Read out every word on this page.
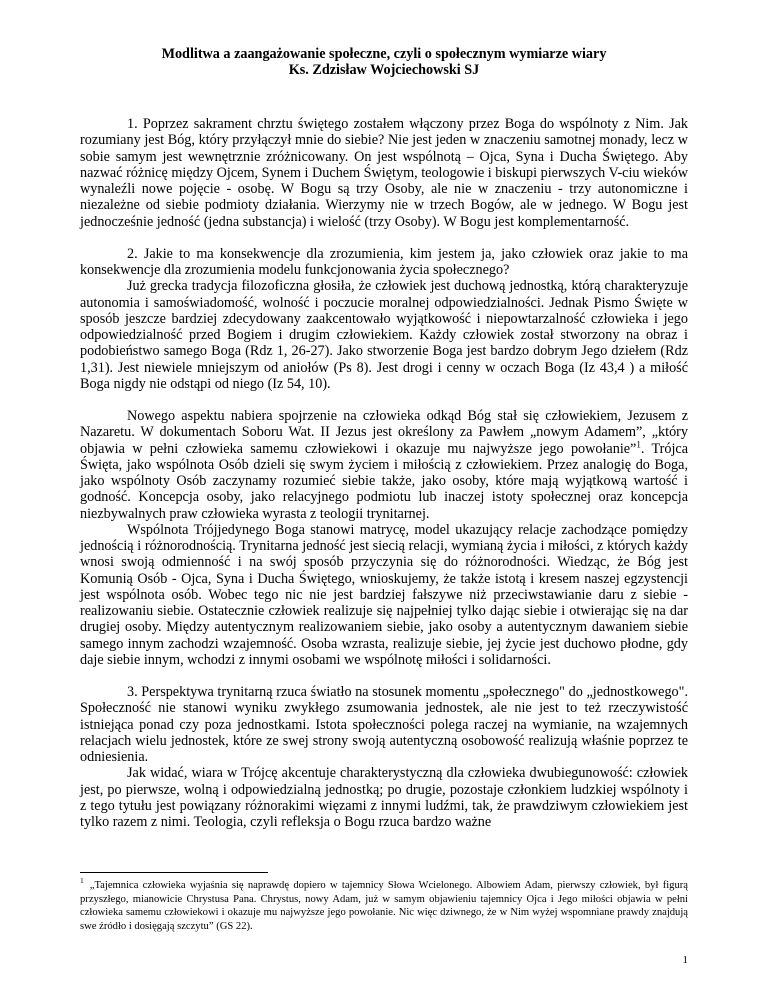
Modlitwa a zaangażowanie społeczne, czyli o społecznym wymiarze wiary
Ks. Zdzisław Wojciechowski SJ

1. Poprzez sakrament chrztu świętego zostałem włączony przez Boga do wspólnoty z Nim. Jak rozumiany jest Bóg, który przyłączył mnie do siebie? Nie jest jeden w znaczeniu samotnej monady, lecz w sobie samym jest wewnętrznie zróżnicowany. On jest wspólnotą – Ojca, Syna i Ducha Świętego. Aby nazwać różnicę między Ojcem, Synem i Duchem Świętym, teologowie i biskupi pierwszych V-ciu wieków wynaleźli nowe pojęcie - osobę. W Bogu są trzy Osoby, ale nie w znaczeniu - trzy autonomiczne i niezależne od siebie podmioty działania. Wierzymy nie w trzech Bogów, ale w jednego. W Bogu jest jednocześnie jedność (jedna substancja) i wielość (trzy Osoby). W Bogu jest komplementarność.

2. Jakie to ma konsekwencje dla zrozumienia, kim jestem ja, jako człowiek oraz jakie to ma konsekwencje dla zrozumienia modelu funkcjonowania życia społecznego?

Już grecka tradycja filozoficzna głosiła, że człowiek jest duchową jednostką, którą charakteryzuje autonomia i samoświadomość, wolność i poczucie moralnej odpowiedzialności. Jednak Pismo Święte w sposób jeszcze bardziej zdecydowany zaakcentowało wyjątkowość i niepowtarzalność człowieka i jego odpowiedzialność przed Bogiem i drugim człowiekiem. Każdy człowiek został stworzony na obraz i podobieństwo samego Boga (Rdz 1, 26-27). Jako stworzenie Boga jest bardzo dobrym Jego dziełem (Rdz 1,31). Jest niewiele mniejszym od aniołów (Ps 8). Jest drogi i cenny w oczach Boga (Iz 43,4 ) a miłość Boga nigdy nie odstąpi od niego (Iz 54, 10).

Nowego aspektu nabiera spojrzenie na człowieka odkąd Bóg stał się człowiekiem, Jezusem z Nazaretu. W dokumentach Soboru Wat. II Jezus jest określony za Pawłem „nowym Adamem”, „który objawia w pełni człowieka samemu człowiekowi i okazuje mu najwyższe jego powołanie”$^1$. Trójca Święta, jako wspólnota Osób dzieli się swym życiem i miłością z człowiekiem. Przez analogię do Boga, jako wspólnoty Osób zaczynamy rozumieć siebie także, jako osoby, które mają wyjątkową wartość i godność. Koncepcja osoby, jako relacyjnego podmiotu lub inaczej istoty społecznej oraz koncepcja niezbywalnych praw człowieka wyrasta z teologii trynitarnej.

Wspólnota Trójjedynego Boga stanowi matrycę, model ukazujący relacje zachodzące pomiędzy jednością i różnorodnością. Trynitarna jedność jest siecią relacji, wymianą życia i miłości, z których każdy wnosi swoją odmienność i na swój sposób przyczynia się do różnorodności. Wiedząc, że Bóg jest Komunią Osób - Ojca, Syna i Ducha Świętego, wnioskujemy, że także istotą i kresem naszej egzystencji jest wspólnota osób. Wobec tego nic nie jest bardziej fałszywe niż przeciwstawianie daru z siebie - realizowaniu siebie. Ostatecznie człowiek realizuje się najpełniej tylko dając siebie i otwierając się na dar drugiej osoby. Między autentycznym realizowaniem siebie, jako osoby a autentycznym dawaniem siebie samego innym zachodzi wzajemność. Osoba wzrasta, realizuje siebie, jej życie jest duchowo płodne, gdy daje siebie innym, wchodzi z innymi osobami we wspólnotę miłości i solidarności.

3. Perspektywa trynitarną rzuca światło na stosunek momentu „społecznego" do „jednostkowego". Społeczność nie stanowi wyniku zwykłego zsumowania jednostek, ale nie jest to też rzeczywistość istniejąca ponad czy poza jednostkami. Istota społeczności polega raczej na wymianie, na wzajemnych relacjach wielu jednostek, które ze swej strony swoją autentyczną osobowość realizują właśnie poprzez te odniesienia.

Jak widać, wiara w Trójcę akcentuje charakterystyczną dla człowieka dwubiegunowość: człowiek jest, po pierwsze, wolną i odpowiedzialną jednostką; po drugie, pozostaje członkiem ludzkiej wspólnoty i z tego tytułu jest powiązany różnorakimi więzami z innymi ludźmi, tak, że prawdziwym człowiekiem jest tylko razem z nimi. Teologia, czyli refleksja o Bogu rzuca bardzo ważne

$^1$ „Tajemnica człowieka wyjaśnia się naprawdę dopiero w tajemnicy Słowa Wcielonego. Albowiem Adam, pierwszy człowiek, był figurą przyszłego, mianowicie Chrystusa Pana. Chrystus, nowy Adam, już w samym objawieniu tajemnicy Ojca i Jego miłości objawia w pełni człowieka samemu człowiekowi i okazuje mu najwyższe jego powołanie. Nic więc dziwnego, że w Nim wyżej wspomniane prawdy znajdują swe źródło i dosięgają szczytu” (GS 22).
1
